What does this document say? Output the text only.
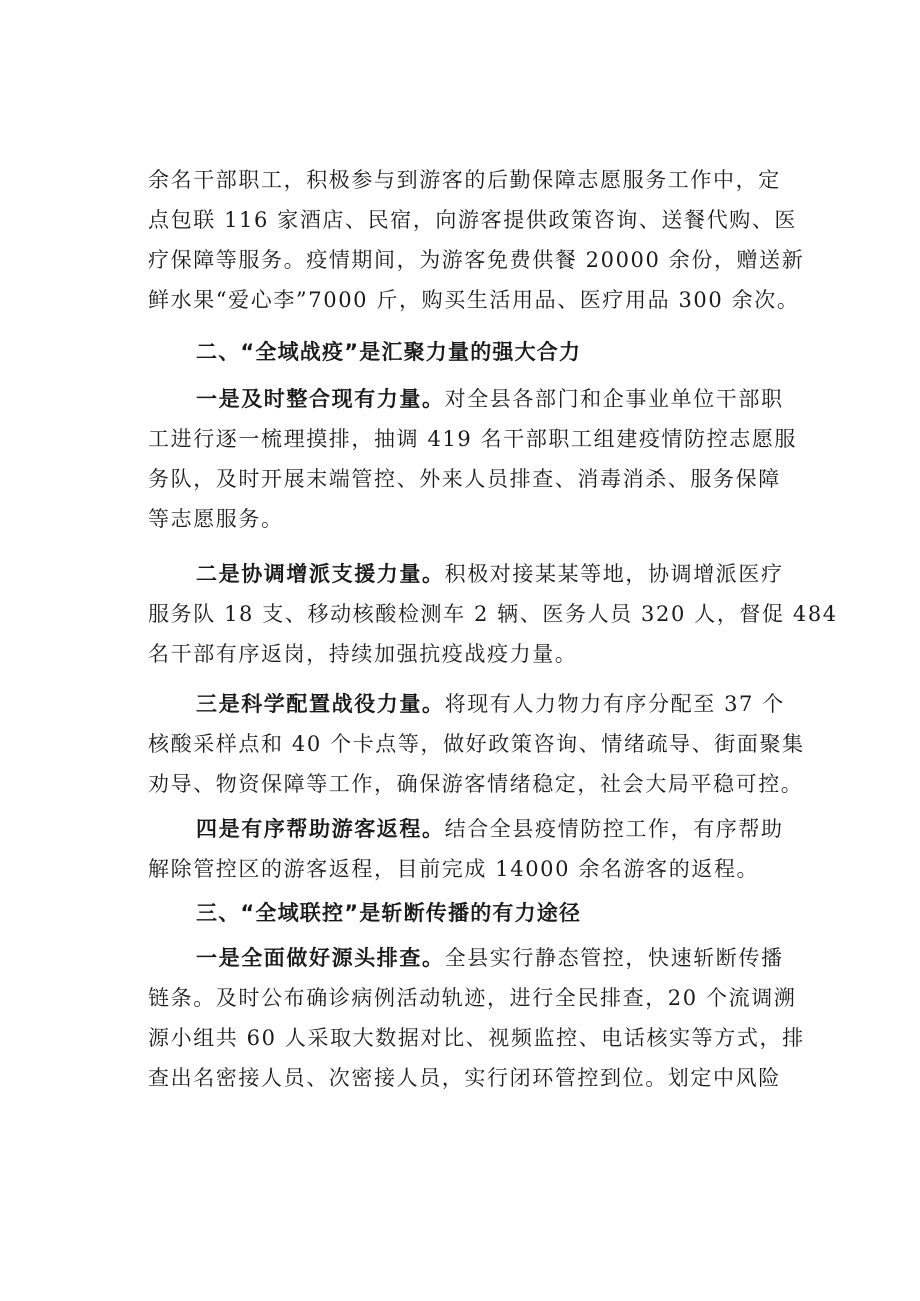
余名干部职工，积极参与到游客的后勤保障志愿服务工作中，定
点包联 116 家酒店、民宿，向游客提供政策咨询、送餐代购、医
疗保障等服务。疫情期间，为游客免费供餐 20000 余份，赠送新
鲜水果“爱心李”7000 斤，购买生活用品、医疗用品 300 余次。
二、“全域战疫”是汇聚力量的强大合力
一是及时整合现有力量。对全县各部门和企事业单位干部职
工进行逐一梳理摸排，抽调 419 名干部职工组建疫情防控志愿服
务队，及时开展末端管控、外来人员排查、消毒消杀、服务保障
等志愿服务。
二是协调增派支援力量。积极对接某某等地，协调增派医疗
服务队 18 支、移动核酸检测车 2 辆、医务人员 320 人，督促 484
名干部有序返岗，持续加强抗疫战疫力量。
三是科学配置战役力量。将现有人力物力有序分配至 37 个
核酸采样点和 40 个卡点等，做好政策咨询、情绪疏导、街面聚集
劝导、物资保障等工作，确保游客情绪稳定，社会大局平稳可控。
四是有序帮助游客返程。结合全县疫情防控工作，有序帮助
解除管控区的游客返程，目前完成 14000 余名游客的返程。
三、“全域联控”是斩断传播的有力途径
一是全面做好源头排查。全县实行静态管控，快速斩断传播
链条。及时公布确诊病例活动轨迹，进行全民排查，20 个流调溯
源小组共 60 人采取大数据对比、视频监控、电话核实等方式，排
查出名密接人员、次密接人员，实行闭环管控到位。划定中风险
